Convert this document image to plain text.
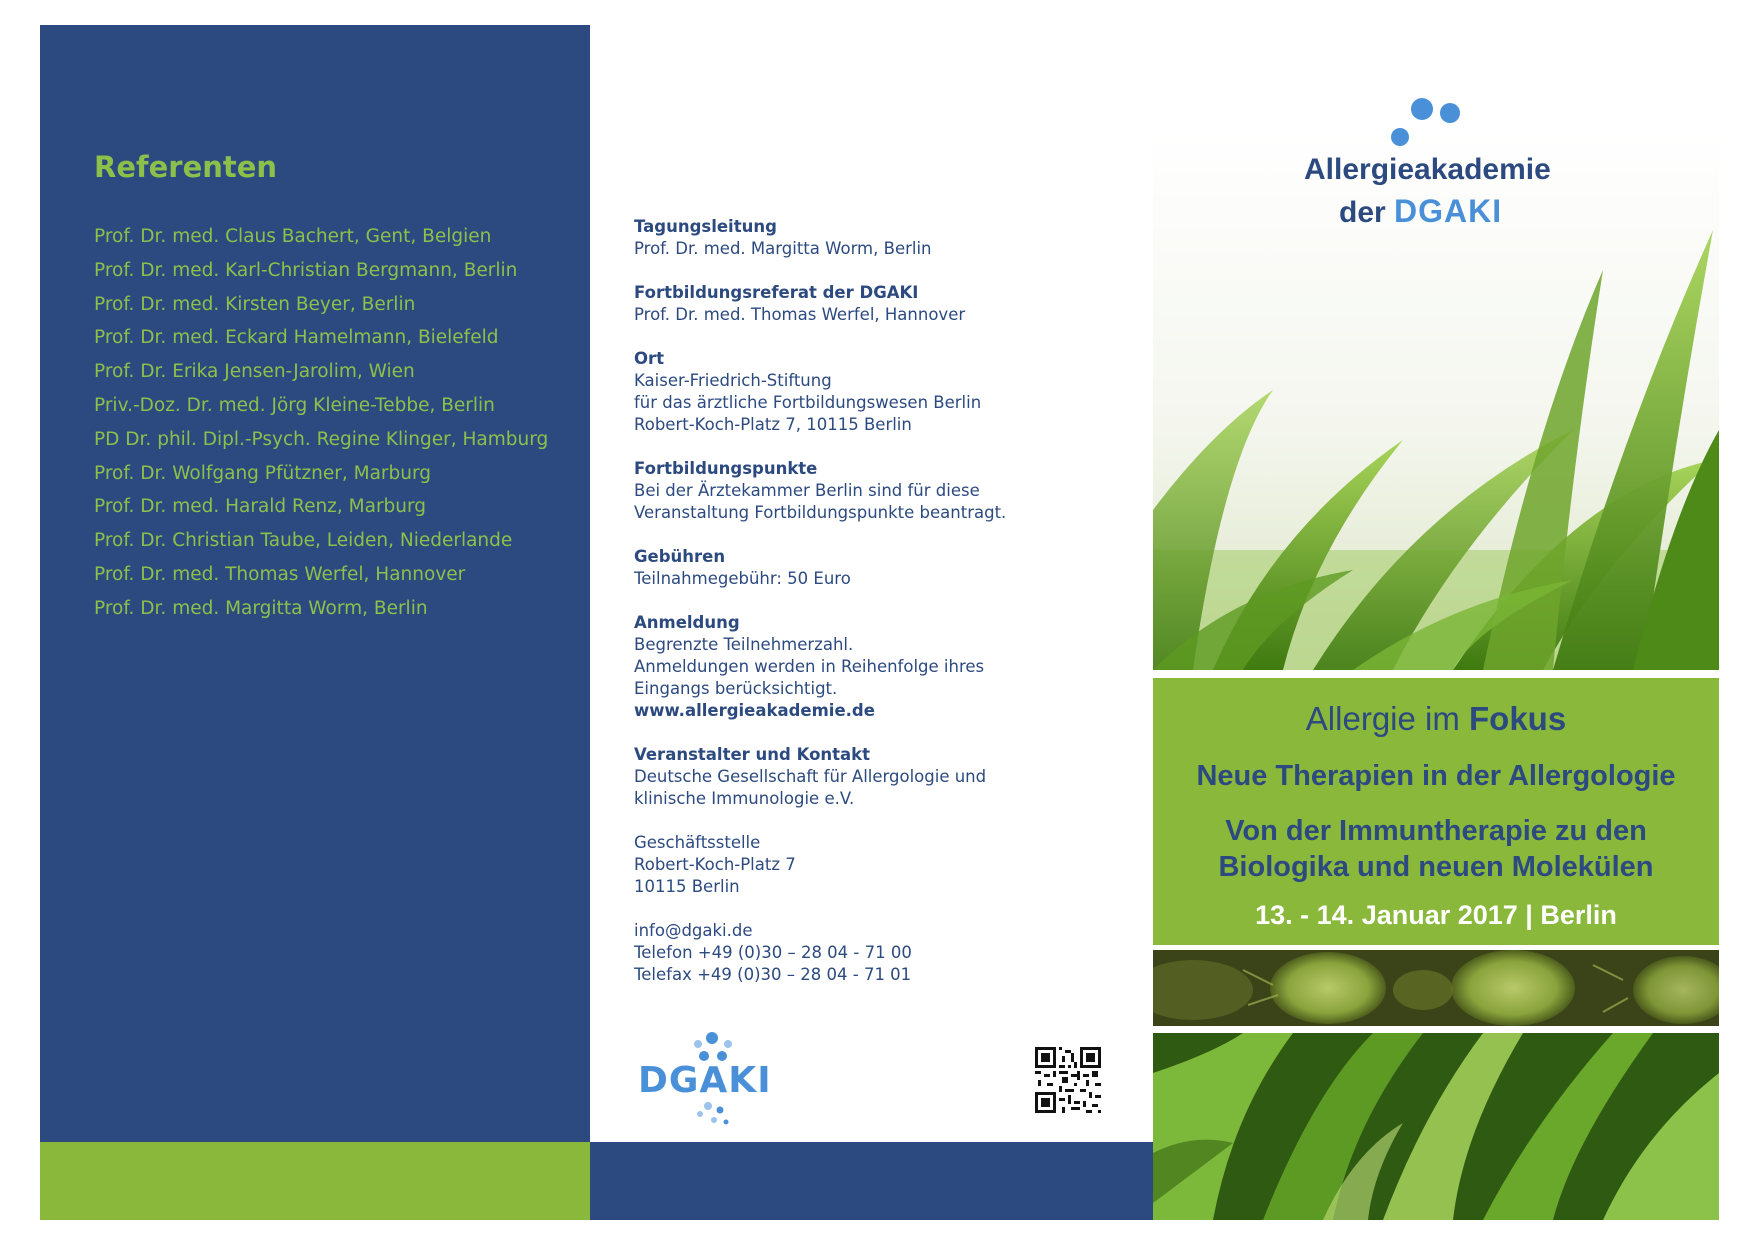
Referenten
Prof. Dr. med. Claus Bachert, Gent, Belgien
Prof. Dr. med. Karl-Christian Bergmann, Berlin
Prof. Dr. med. Kirsten Beyer, Berlin
Prof. Dr. med. Eckard Hamelmann, Bielefeld
Prof. Dr. Erika Jensen-Jarolim, Wien
Priv.-Doz. Dr. med. Jörg Kleine-Tebbe, Berlin
PD Dr. phil. Dipl.-Psych. Regine Klinger, Hamburg
Prof. Dr. Wolfgang Pfützner, Marburg
Prof. Dr. med. Harald Renz, Marburg
Prof. Dr. Christian Taube, Leiden, Niederlande
Prof. Dr. med. Thomas Werfel, Hannover
Prof. Dr. med. Margitta Worm, Berlin
Tagungsleitung
Prof. Dr. med. Margitta Worm, Berlin
Fortbildungsreferat der DGAKI
Prof. Dr. med. Thomas Werfel, Hannover
Ort
Kaiser-Friedrich-Stiftung
für das ärztliche Fortbildungswesen Berlin
Robert-Koch-Platz 7, 10115 Berlin
Fortbildungspunkte
Bei der Ärztekammer Berlin sind für diese
Veranstaltung Fortbildungspunkte beantragt.
Gebühren
Teilnahmegebühr: 50 Euro
Anmeldung
Begrenzte Teilnehmerzahl.
Anmeldungen werden in Reihenfolge ihres
Eingangs berücksichtigt.
www.allergieakademie.de
Veranstalter und Kontakt
Deutsche Gesellschaft für Allergologie und
klinische Immunologie e.V.
Geschäftsstelle
Robert-Koch-Platz 7
10115 Berlin
info@dgaki.de
Telefon +49 (0)30 – 28 04 - 71 00
Telefax +49 (0)30 – 28 04 - 71 01
DGAKI
Allergieakademie
der DGAKI
Allergie im Fokus
Neue Therapien in der Allergologie
Von der Immuntherapie zu den
Biologika und neuen Molekülen
13. - 14. Januar 2017 | Berlin
